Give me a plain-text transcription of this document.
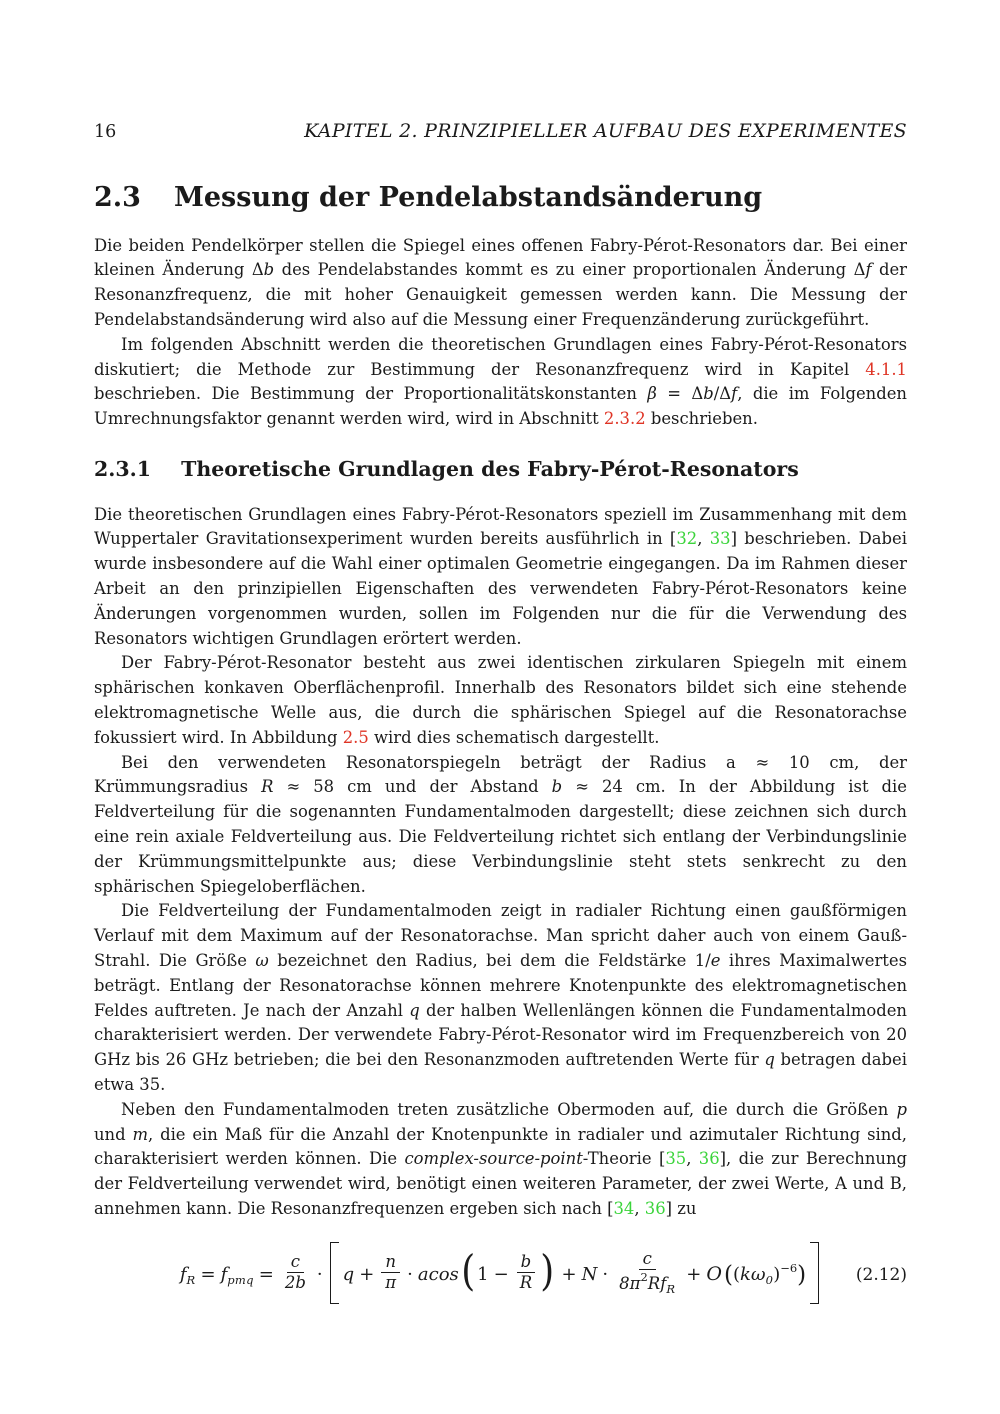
16	KAPITEL 2. PRINZIPIELLER AUFBAU DES EXPERIMENTES
2.3 Messung der Pendelabstandsänderung

Die beiden Pendelkörper stellen die Spiegel eines offenen Fabry-Pérot-Resonators dar. Bei einer kleinen Änderung Δb des Pendelabstandes kommt es zu einer proportionalen Änderung Δf der Resonanzfrequenz, die mit hoher Genauigkeit gemessen werden kann. Die Messung der Pendelabstandsänderung wird also auf die Messung einer Frequenzänderung zurückgeführt.

Im folgenden Abschnitt werden die theoretischen Grundlagen eines Fabry-Pérot-Resonators diskutiert; die Methode zur Bestimmung der Resonanzfrequenz wird in Kapitel 4.1.1 beschrieben. Die Bestimmung der Proportionalitätskonstanten β = Δb/Δf, die im Folgenden Umrechnungsfaktor genannt werden wird, wird in Abschnitt 2.3.2 beschrieben.

2.3.1 Theoretische Grundlagen des Fabry-Pérot-Resonators

Die theoretischen Grundlagen eines Fabry-Pérot-Resonators speziell im Zusammenhang mit dem Wuppertaler Gravitationsexperiment wurden bereits ausführlich in [32, 33] beschrieben. Dabei wurde insbesondere auf die Wahl einer optimalen Geometrie eingegangen. Da im Rahmen dieser Arbeit an den prinzipiellen Eigenschaften des verwendeten Fabry-Pérot-Resonators keine Änderungen vorgenommen wurden, sollen im Folgenden nur die für die Verwendung des Resonators wichtigen Grundlagen erörtert werden.

Der Fabry-Pérot-Resonator besteht aus zwei identischen zirkularen Spiegeln mit einem sphärischen konkaven Oberflächenprofil. Innerhalb des Resonators bildet sich eine stehende elektromagnetische Welle aus, die durch die sphärischen Spiegel auf die Resonatorachse fokussiert wird. In Abbildung 2.5 wird dies schematisch dargestellt.

Bei den verwendeten Resonatorspiegeln beträgt der Radius a ≈ 10 cm, der Krümmungsradius R ≈ 58 cm und der Abstand b ≈ 24 cm. In der Abbildung ist die Feldverteilung für die sogenannten Fundamentalmoden dargestellt; diese zeichnen sich durch eine rein axiale Feldverteilung aus. Die Feldverteilung richtet sich entlang der Verbindungslinie der Krümmungsmittelpunkte aus; diese Verbindungslinie steht stets senkrecht zu den sphärischen Spiegeloberflächen.

Die Feldverteilung der Fundamentalmoden zeigt in radialer Richtung einen gaußförmigen Verlauf mit dem Maximum auf der Resonatorachse. Man spricht daher auch von einem Gauß-Strahl. Die Größe ω bezeichnet den Radius, bei dem die Feldstärke 1/e ihres Maximalwertes beträgt. Entlang der Resonatorachse können mehrere Knotenpunkte des elektromagnetischen Feldes auftreten. Je nach der Anzahl q der halben Wellenlängen können die Fundamentalmoden charakterisiert werden. Der verwendete Fabry-Pérot-Resonator wird im Frequenzbereich von 20 GHz bis 26 GHz betrieben; die bei den Resonanzmoden auftretenden Werte für q betragen dabei etwa 35.

Neben den Fundamentalmoden treten zusätzliche Obermoden auf, die durch die Größen p und m, die ein Maß für die Anzahl der Knotenpunkte in radialer und azimutaler Richtung sind, charakterisiert werden können. Die complex-source-point-Theorie [35, 36], die zur Berechnung der Feldverteilung verwendet wird, benötigt einen weiteren Parameter, der zwei Werte, A und B, annehmen kann. Die Resonanzfrequenzen ergeben sich nach [34, 36] zu

$f_R = f_{pmq} = \frac{c}{2b} \cdot q + \frac{n}{\pi} \cdot acos$( $1 - \frac{b}{R}$ ) + $N \cdot \frac{c}{8\pi^2Rf_R} + O((k\omega_0)^{-6})$	(2.12)
